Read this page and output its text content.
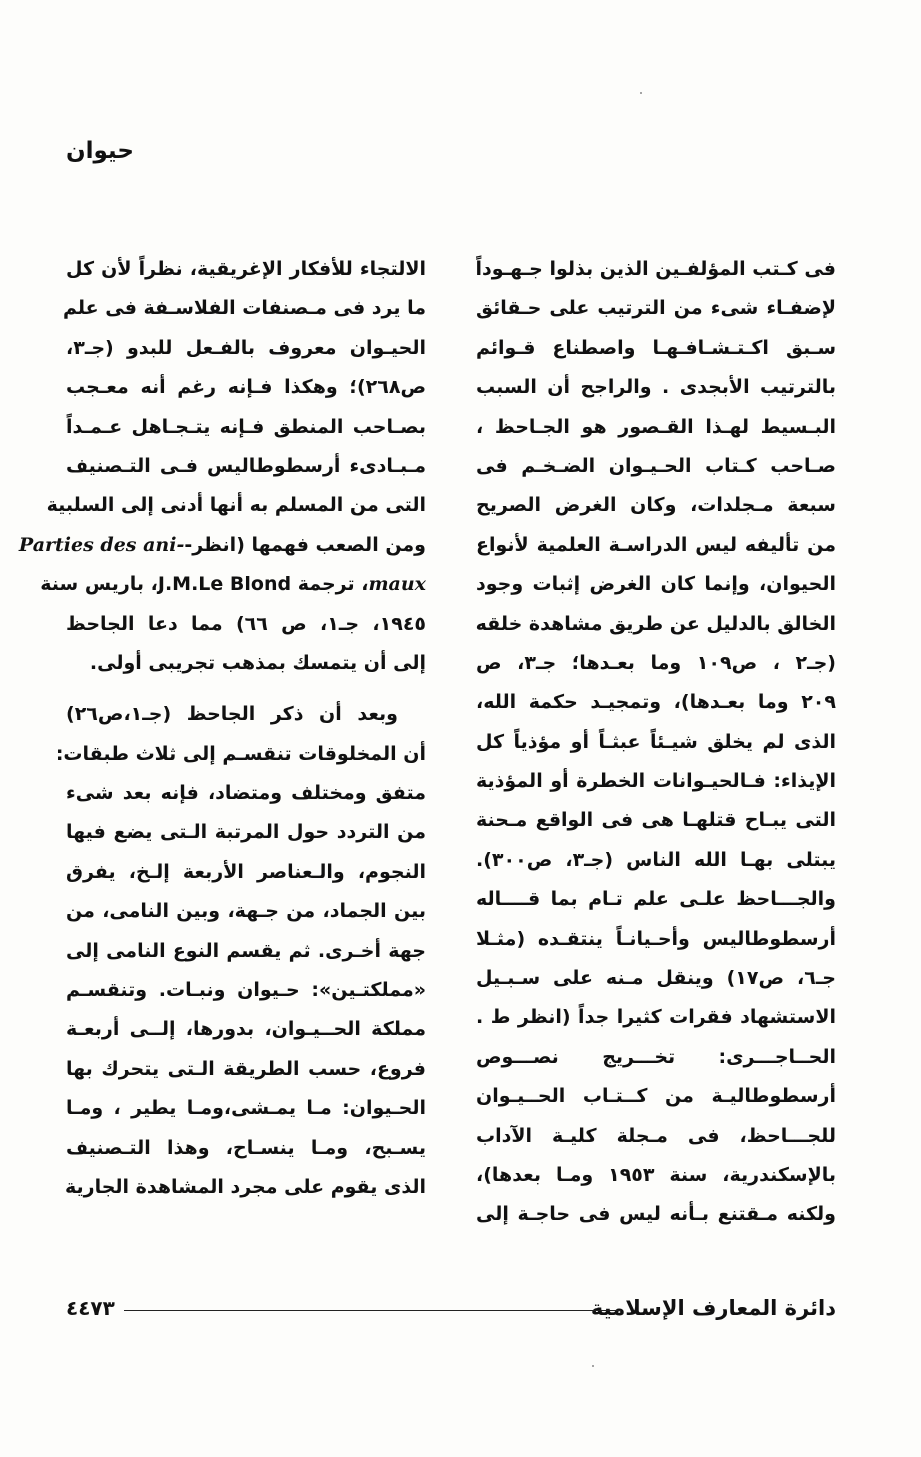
حيوان
فى كـتب المؤلفـين الذين بذلوا جـهـوداً
لإضفـاء شىء من الترتيب على حـقائق
سـبق اكـتـشـافـهـا واصطناع قـوائم
بالترتيب الأبجدى . والراجح أن السبب
البـسيط لهـذا القـصور هو الجـاحظ ،
صـاحب كـتاب الحـيـوان الضـخـم فى
سبعة مـجلدات، وكان الغرض الصريح
من تأليفه ليس الدراسـة العلمية لأنواع
الحيوان، وإنما كان الغرض إثبات وجود
الخالق بالدليل عن طريق مشاهدة خلقه
(جـ٢ ، ص١٠٩ وما بعـدها؛ جـ٣، ص
٢٠٩ وما بعـدها)، وتمجيـد حكمة الله،
الذى لم يخلق شيـئاً عبثـاً أو مؤذياً كل
الإيذاء: فـالحيـوانات الخطرة أو المؤذية
التى يبـاح قتلهـا هى فى الواقع مـحنة
يبتلى بهـا الله الناس (جـ٣، ص٣٠٠).
والجـــاحظ علـى علم تـام بما قــــاله
أرسطوطاليس وأحـيانـاً ينتقـده (مثـلا
جـ٦، ص١٧) وينقل مـنه على سـبـيل
الاستشهاد فقرات كثيرا جداً (انظر ط .
الحــاجـــرى: تخـــريج نصـــوص
أرسطوطاليـة من كــتـاب الحــيـوان
للجـــاحظ، فى مـجلة كليـة الآداب
بالإسكندرية، سنة ١٩٥٣ ومـا بعدها)،
ولكنه مـقتنع بـأنه ليس فى حاجـة إلى
الالتجاء للأفكار الإغريقية، نظراً لأن كل
ما يرد فى مـصنفات الفلاسـفة فى علم
الحيـوان معروف بالفـعل للبدو (جـ٣،
ص٢٦٨)؛ وهكذا فـإنه رغم أنه معـجب
بصـاحب المنطق فـإنه يتـجـاهل عـمـداً
مـبـادىء أرسطوطاليس فـى التـصنيف
التى من المسلم به أنها أدنى إلى السلبية
ومن الصعب فهمها (انظر-Parties des ani-
maux، ترجمة J.M.Le Blond، باريس سنة
١٩٤٥، جـ١، ص ٦٦) مما دعا الجاحظ
إلى أن يتمسك بمذهب تجريبى أولى.
وبعد أن ذكر الجاحظ (جـ١،ص٢٦)
أن المخلوقات تنقسـم إلى ثلاث طبقات:
متفق ومختلف ومتضاد، فإنه بعد شىء
من التردد حول المرتبة الـتى يضع فيها
النجوم، والـعناصر الأربعة إلـخ، يفرق
بين الجماد، من جـهة، وبين النامى، من
جهة أخـرى. ثم يقسم النوع النامى إلى
«مملكتـين»: حـيوان ونبـات. وتنقسـم
مملكة الحــيـوان، بدورها، إلــى أربعـة
فروع، حسب الطريقة الـتى يتحرك بها
الحـيوان: مـا يمـشى،ومـا يطير ، ومـا
يسـبح، ومـا ينسـاح، وهذا التـصنيف
الذى يقوم على مجرد المشاهدة الجارية
دائرة المعارف الإسلامية
٤٤٧٣
